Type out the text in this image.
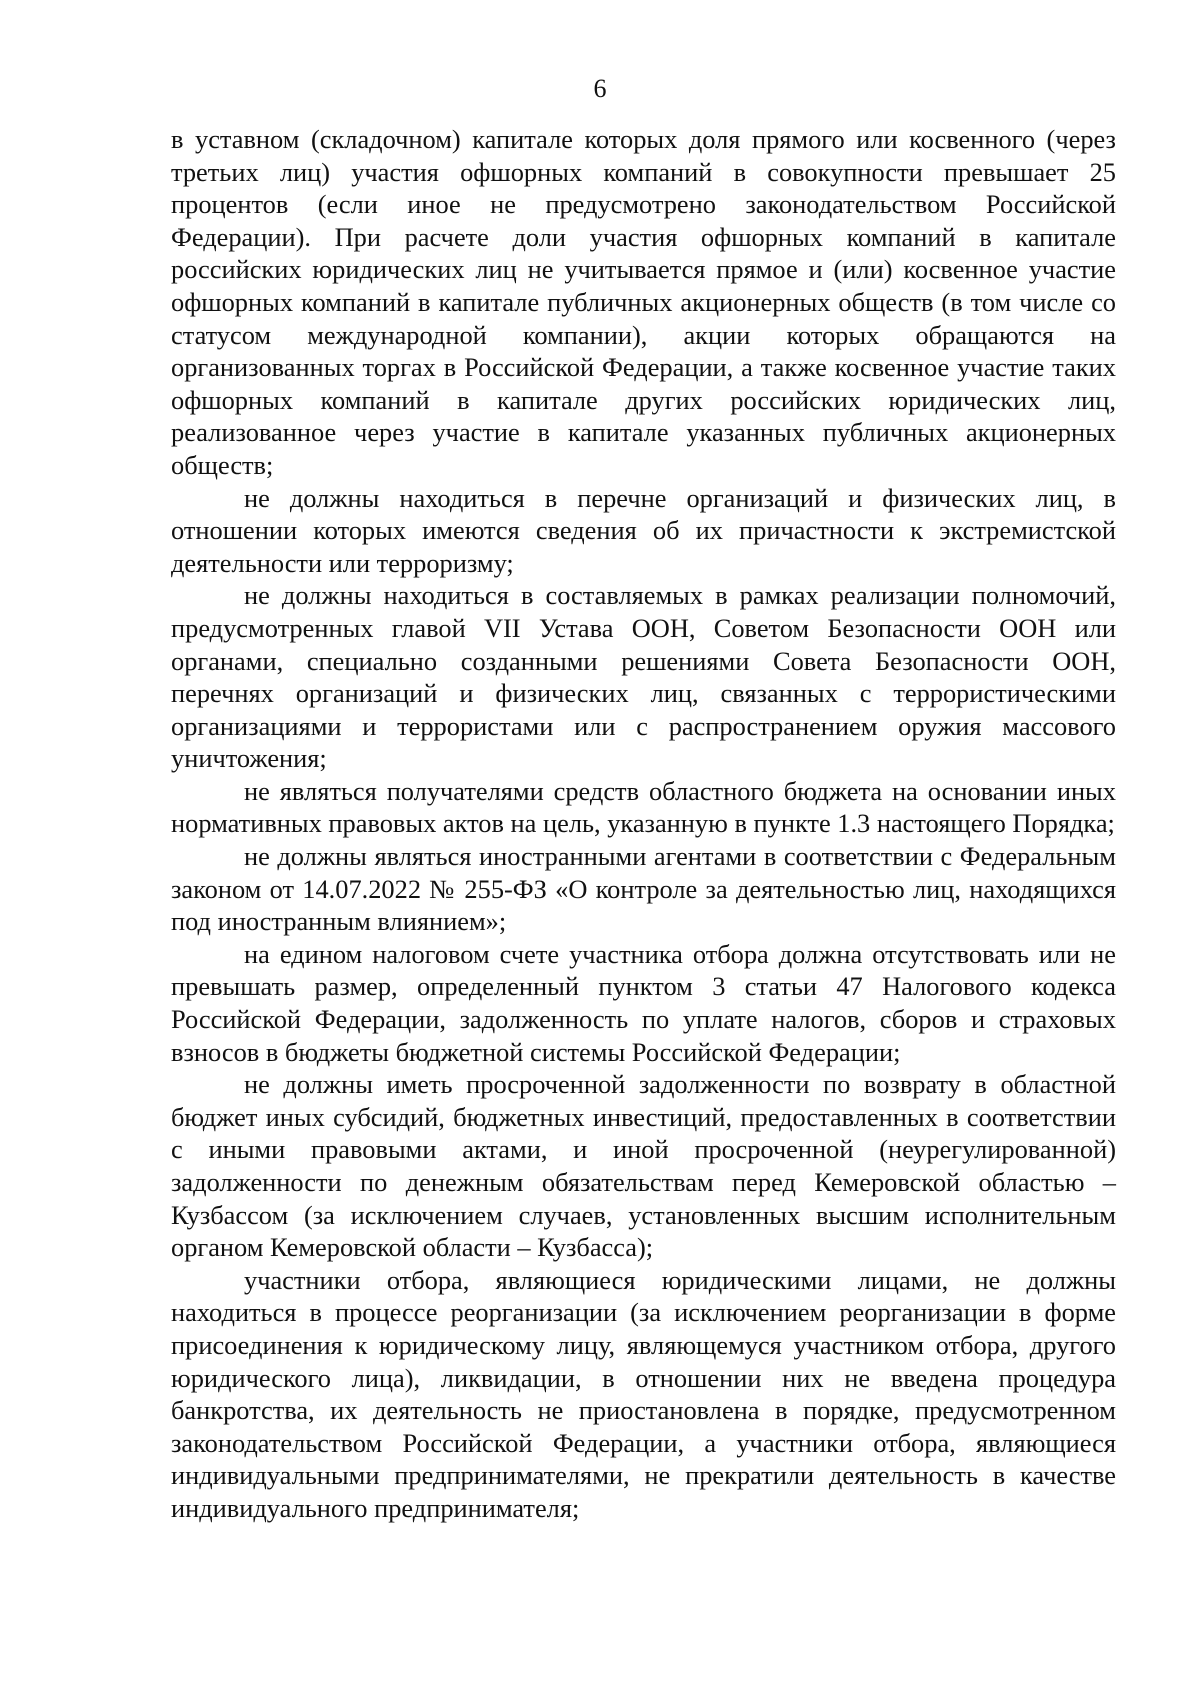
6

в уставном (складочном) капитале которых доля прямого или косвенного (через третьих лиц) участия офшорных компаний в совокупности превышает 25 процентов (если иное не предусмотрено законодательством Российской Федерации). При расчете доли участия офшорных компаний в капитале российских юридических лиц не учитывается прямое и (или) косвенное участие офшорных компаний в капитале публичных акционерных обществ (в том числе со статусом международной компании), акции которых обращаются на организованных торгах в Российской Федерации, а также косвенное участие таких офшорных компаний в капитале других российских юридических лиц, реализованное через участие в капитале указанных публичных акционерных обществ;

не должны находиться в перечне организаций и физических лиц, в отношении которых имеются сведения об их причастности к экстремистской деятельности или терроризму;

не должны находиться в составляемых в рамках реализации полномочий, предусмотренных главой VII Устава ООН, Советом Безопасности ООН или органами, специально созданными решениями Совета Безопасности ООН, перечнях организаций и физических лиц, связанных с террористическими организациями и террористами или с распространением оружия массового уничтожения;

не являться получателями средств областного бюджета на основании иных нормативных правовых актов на цель, указанную в пункте 1.3 настоящего Порядка;

не должны являться иностранными агентами в соответствии с Федеральным законом от 14.07.2022 № 255-ФЗ «О контроле за деятельностью лиц, находящихся под иностранным влиянием»;

на едином налоговом счете участника отбора должна отсутствовать или не превышать размер, определенный пунктом 3 статьи 47 Налогового кодекса Российской Федерации, задолженность по уплате налогов, сборов и страховых взносов в бюджеты бюджетной системы Российской Федерации;

не должны иметь просроченной задолженности по возврату в областной бюджет иных субсидий, бюджетных инвестиций, предоставленных в соответствии с иными правовыми актами, и иной просроченной (неурегулированной) задолженности по денежным обязательствам перед Кемеровской областью – Кузбассом (за исключением случаев, установленных высшим исполнительным органом Кемеровской области – Кузбасса);

участники отбора, являющиеся юридическими лицами, не должны находиться в процессе реорганизации (за исключением реорганизации в форме присоединения к юридическому лицу, являющемуся участником отбора, другого юридического лица), ликвидации, в отношении них не введена процедура банкротства, их деятельность не приостановлена в порядке, предусмотренном законодательством Российской Федерации, а участники отбора, являющиеся индивидуальными предпринимателями, не прекратили деятельность в качестве индивидуального предпринимателя;
